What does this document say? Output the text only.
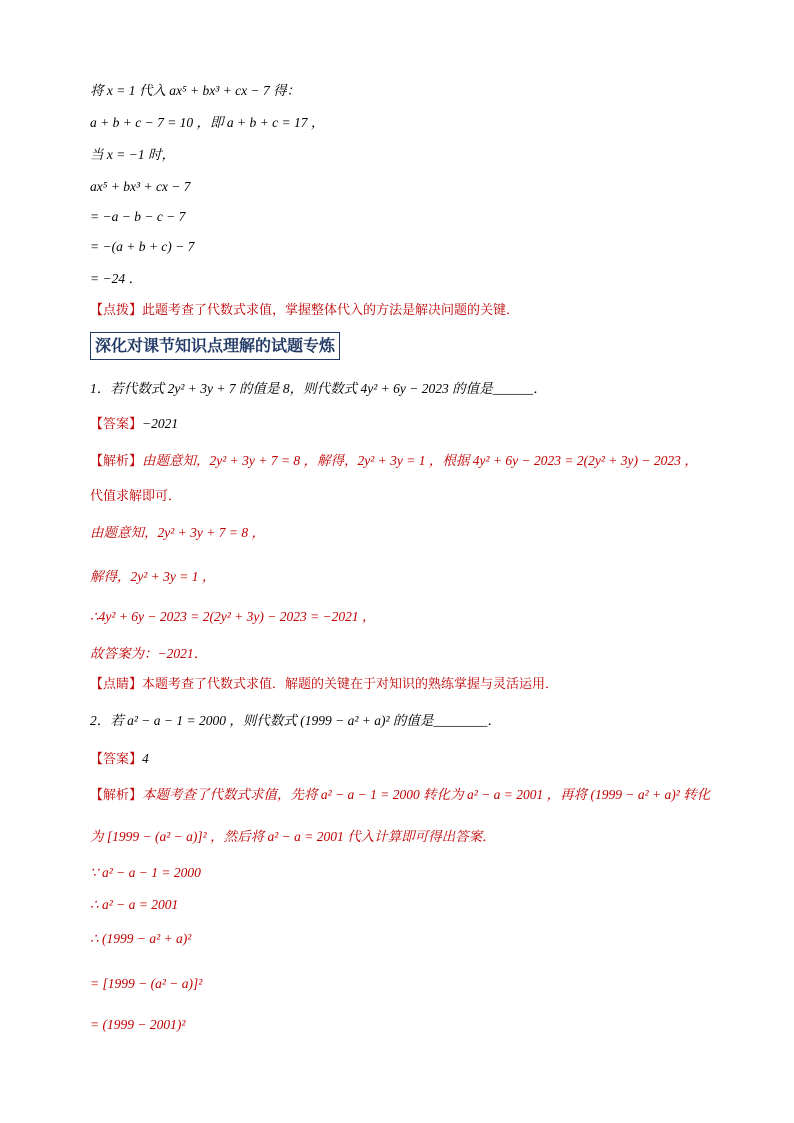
将 x = 1 代入 ax⁵ + bx³ + cx − 7 得：
a + b + c − 7 = 10 ，即 a + b + c = 17 ，
当 x = −1 时，
ax⁵ + bx³ + cx − 7
= −a − b − c − 7
= −(a + b + c) − 7
= −24 ．
【点拨】此题考查了代数式求值，掌握整体代入的方法是解决问题的关键．
深化对课节知识点理解的试题专炼
1．若代数式 2y² + 3y + 7 的值是 8，则代数式 4y² + 6y − 2023 的值是______．
【答案】−2021
【解析】由题意知，2y² + 3y + 7 = 8 ，解得，2y² + 3y = 1 ，根据 4y² + 6y − 2023 = 2(2y² + 3y) − 2023 ，
代值求解即可．
由题意知，2y² + 3y + 7 = 8 ，
解得，2y² + 3y = 1 ，
∴4y² + 6y − 2023 = 2(2y² + 3y) − 2023 = −2021 ，
故答案为：−2021．
【点睛】本题考查了代数式求值．解题的关键在于对知识的熟练掌握与灵活运用．
2．若 a² − a − 1 = 2000 ，则代数式 (1999 − a² + a)² 的值是________．
【答案】4
【解析】本题考查了代数式求值，先将 a² − a − 1 = 2000 转化为 a² − a = 2001 ，再将 (1999 − a² + a)² 转化
为 [1999 − (a² − a)]² ，然后将 a² − a = 2001 代入计算即可得出答案．
∵ a² − a − 1 = 2000
∴ a² − a = 2001
∴ (1999 − a² + a)²
= [1999 − (a² − a)]²
= (1999 − 2001)²
